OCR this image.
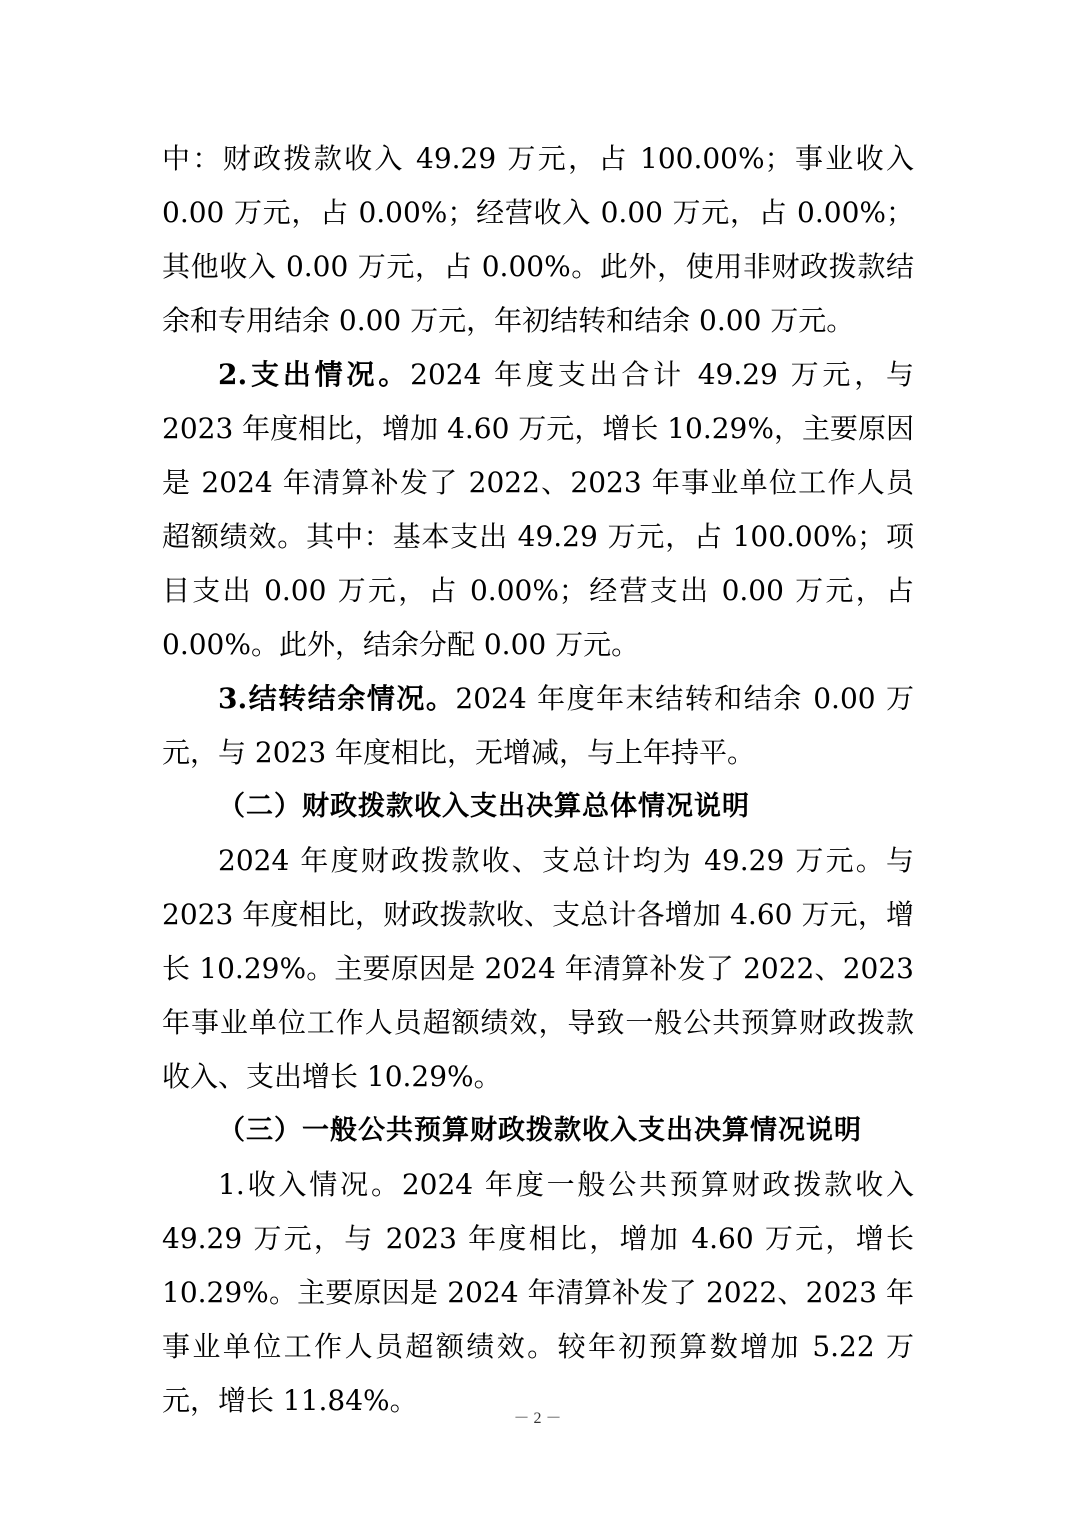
中：财政拨款收入 49.29 万元，占 100.00%；事业收入 0.00 万元，占 0.00%；经营收入 0.00 万元，占 0.00%；其他收入 0.00 万元，占 0.00%。此外，使用非财政拨款结余和专用结余 0.00 万元，年初结转和结余 0.00 万元。

2.支出情况。2024 年度支出合计 49.29 万元，与 2023 年度相比，增加 4.60 万元，增长 10.29%，主要原因是 2024 年清算补发了 2022、2023 年事业单位工作人员超额绩效。其中：基本支出 49.29 万元，占 100.00%；项目支出 0.00 万元，占 0.00%；经营支出 0.00 万元，占 0.00%。此外，结余分配 0.00 万元。

3.结转结余情况。2024 年度年末结转和结余 0.00 万元，与 2023 年度相比，无增减，与上年持平。

（二）财政拨款收入支出决算总体情况说明

2024 年度财政拨款收、支总计均为 49.29 万元。与 2023 年度相比，财政拨款收、支总计各增加 4.60 万元，增长 10.29%。主要原因是 2024 年清算补发了 2022、2023 年事业单位工作人员超额绩效，导致一般公共预算财政拨款收入、支出增长 10.29%。

（三）一般公共预算财政拨款收入支出决算情况说明

1.收入情况。2024 年度一般公共预算财政拨款收入 49.29 万元，与 2023 年度相比，增加 4.60 万元，增长 10.29%。主要原因是 2024 年清算补发了 2022、2023 年事业单位工作人员超额绩效。较年初预算数增加 5.22 万元，增长 11.84%。

－ 2 －
